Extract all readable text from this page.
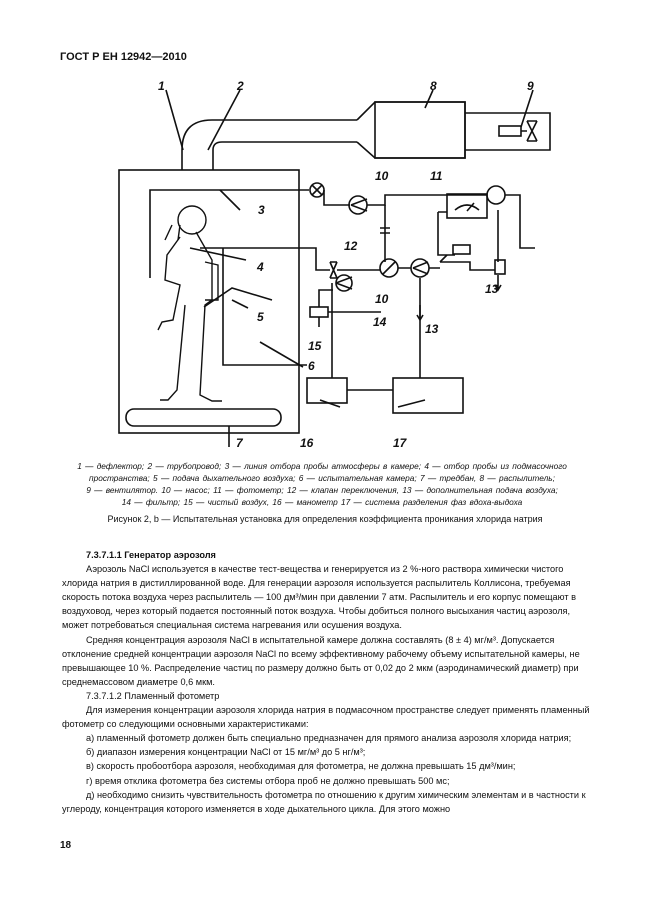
ГОСТ Р ЕН 12942—2010
1	2
3
4
5
6
7
8	9
10	11
12
13
14
15
16	17
10
13
1 — дефлектор; 2 — трубопровод; 3 — линия отбора пробы атмосферы в камере; 4 — отбор пробы из подмасочного
пространства; 5 — подача дыхательного воздуха; 6 — испытательная камера; 7 — тредбан, 8 — распылитель;
9 — вентилятор. 10 — насос; 11 — фотометр; 12 — клапан переключения, 13 — дополнительная подача воздуха;
14 — фильтр; 15 — чистый воздух, 16 — манометр 17 — система разделения фаз вдоха-выдоха
Рисунок 2, b — Испытательная установка для определения коэффициента проникания хлорида натрия

7.3.7.1.1 Генератор аэрозоля

Аэрозоль NaCl используется в качестве тест-вещества и генерируется из 2 %-ного раствора химически чистого хлорида натрия в дистиллированной воде. Для генерации аэрозоля используется распылитель Коллисона, требуемая скорость потока воздуха через распылитель — 100 дм³/мин при давлении 7 атм. Распылитель и его корпус помещают в воздуховод, через который подается постоянный поток воздуха. Чтобы добиться полного высыхания частиц аэрозоля, может потребоваться специальная система нагревания или осушения воздуха.

Средняя концентрация аэрозоля NaCl в испытательной камере должна составлять (8 ± 4) мг/м³. Допускается отклонение средней концентрации аэрозоля NaCl по всему эффективному рабочему объему испытательной камеры, не превышающее 10 %. Распределение частиц по размеру должно быть от 0,02 до 2 мкм (аэродинамический диаметр) при среднемассовом диаметре 0,6 мкм.

7.3.7.1.2 Пламенный фотометр

Для измерения концентрации аэрозоля хлорида натрия в подмасочном пространстве следует применять пламенный фотометр со следующими основными характеристиками:

а) пламенный фотометр должен быть специально предназначен для прямого анализа аэрозоля хлорида натрия;

б) диапазон измерения концентрации NaCl от 15 мг/м³ до 5 нг/м³;

в) скорость пробоотбора аэрозоля, необходимая для фотометра, не должна превышать 15 дм³/мин;

г) время отклика фотометра без системы отбора проб не должно превышать 500 мс;

д) необходимо снизить чувствительность фотометра по отношению к другим химическим элементам и в частности к углероду, концентрация которого изменяется в ходе дыхательного цикла. Для этого можно

18
